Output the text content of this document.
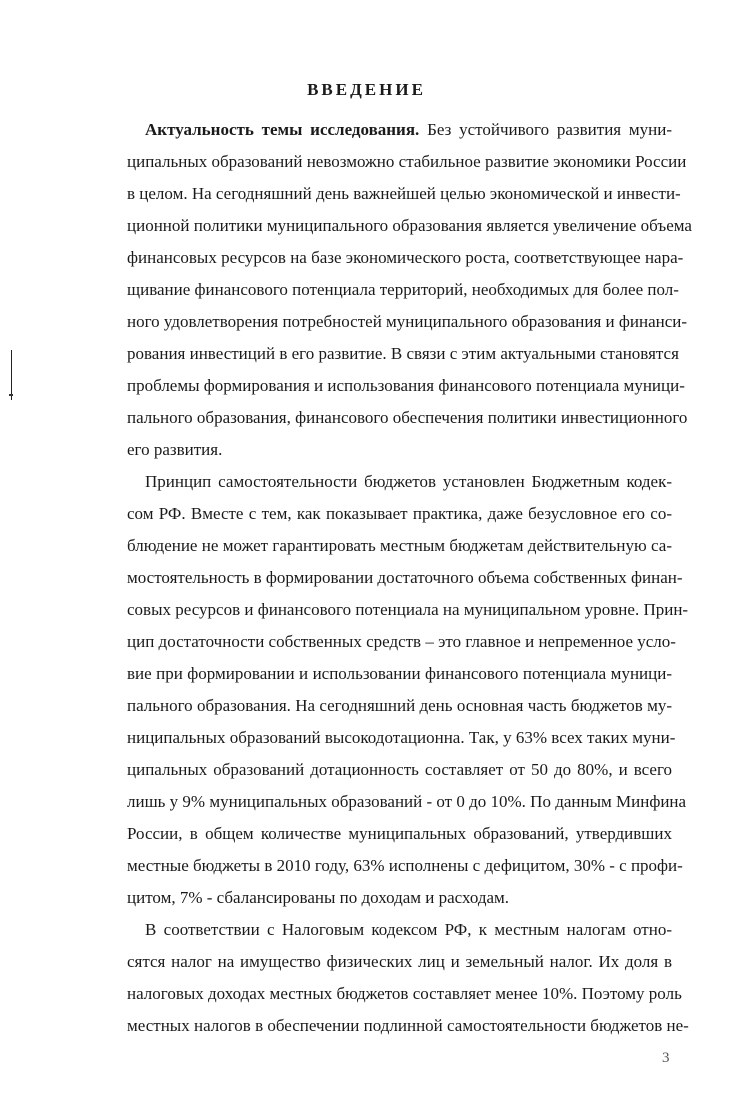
ВВЕДЕНИЕ
Актуальность темы исследования. Без устойчивого развития муни-
ципальных образований невозможно стабильное развитие экономики России
в целом. На сегодняшний день важнейшей целью экономической и инвести-
ционной политики муниципального образования является увеличение объема
финансовых ресурсов на базе экономического роста, соответствующее нара-
щивание финансового потенциала территорий, необходимых для более пол-
ного удовлетворения потребностей муниципального образования и финанси-
рования инвестиций в его развитие. В связи с этим актуальными становятся
проблемы формирования и использования финансового потенциала муници-
пального образования, финансового обеспечения политики инвестиционного
его развития.
Принцип самостоятельности бюджетов установлен Бюджетным кодек-
сом РФ. Вместе с тем, как показывает практика, даже безусловное его со-
блюдение не может гарантировать местным бюджетам действительную са-
мостоятельность в формировании достаточного объема собственных финан-
совых ресурсов и финансового потенциала на муниципальном уровне. Прин-
цип достаточности собственных средств – это главное и непременное усло-
вие при формировании и использовании финансового потенциала муници-
пального образования. На сегодняшний день основная часть бюджетов му-
ниципальных образований высокодотационна. Так, у 63% всех таких муни-
ципальных образований дотационность составляет от 50 до 80%, и всего
лишь у 9% муниципальных образований - от 0 до 10%. По данным Минфина
России, в общем количестве муниципальных образований, утвердивших
местные бюджеты в 2010 году, 63% исполнены с дефицитом, 30% - с профи-
цитом, 7% - сбалансированы по доходам и расходам.
В соответствии с Налоговым кодексом РФ, к местным налогам отно-
сятся налог на имущество физических лиц и земельный налог. Их доля в
налоговых доходах местных бюджетов составляет менее 10%. Поэтому роль
местных налогов в обеспечении подлинной самостоятельности бюджетов не-
3
